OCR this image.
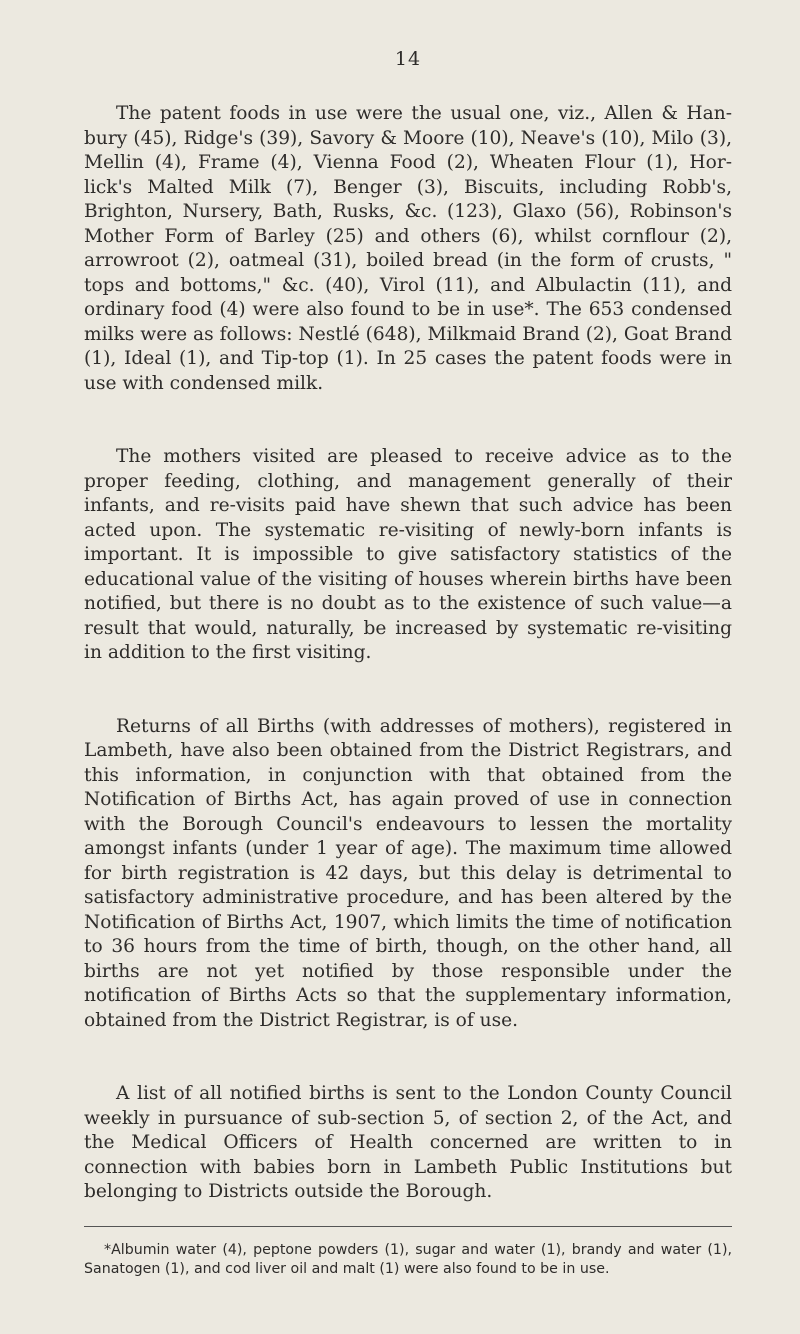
14

The patent foods in use were the usual one, viz., Allen & Han- bury (45), Ridge's (39), Savory & Moore (10), Neave's (10), Milo (3), Mellin (4), Frame (4), Vienna Food (2), Wheaten Flour (1), Hor- lick's Malted Milk (7), Benger (3), Biscuits, including Robb's, Brighton, Nursery, Bath, Rusks, &c. (123), Glaxo (56), Robinson's Mother Form of Barley (25) and others (6), whilst cornflour (2), arrowroot (2), oatmeal (31), boiled bread (in the form of crusts, " tops and bottoms," &c. (40), Virol (11), and Albulactin (11), and ordinary food (4) were also found to be in use*. The 653 condensed milks were as follows: Nestlé (648), Milkmaid Brand (2), Goat Brand (1), Ideal (1), and Tip-top (1). In 25 cases the patent foods were in use with condensed milk.

The mothers visited are pleased to receive advice as to the proper feeding, clothing, and management generally of their infants, and re-visits paid have shewn that such advice has been acted upon. The systematic re-visiting of newly-born infants is important. It is impossible to give satisfactory statistics of the educational value of the visiting of houses wherein births have been notified, but there is no doubt as to the existence of such value—a result that would, naturally, be increased by systematic re-visiting in addition to the first visiting.

Returns of all Births (with addresses of mothers), registered in Lambeth, have also been obtained from the District Registrars, and this information, in conjunction with that obtained from the Notification of Births Act, has again proved of use in connection with the Borough Council's endeavours to lessen the mortality amongst infants (under 1 year of age). The maximum time allowed for birth registration is 42 days, but this delay is detrimental to satisfactory administrative procedure, and has been altered by the Notification of Births Act, 1907, which limits the time of notification to 36 hours from the time of birth, though, on the other hand, all births are not yet notified by those responsible under the notification of Births Acts so that the supplementary information, obtained from the District Registrar, is of use.

A list of all notified births is sent to the London County Council weekly in pursuance of sub-section 5, of section 2, of the Act, and the Medical Officers of Health concerned are written to in connection with babies born in Lambeth Public Institutions but belonging to Districts outside the Borough.

*Albumin water (4), peptone powders (1), sugar and water (1), brandy and water (1), Sanatogen (1), and cod liver oil and malt (1) were also found to be in use.
